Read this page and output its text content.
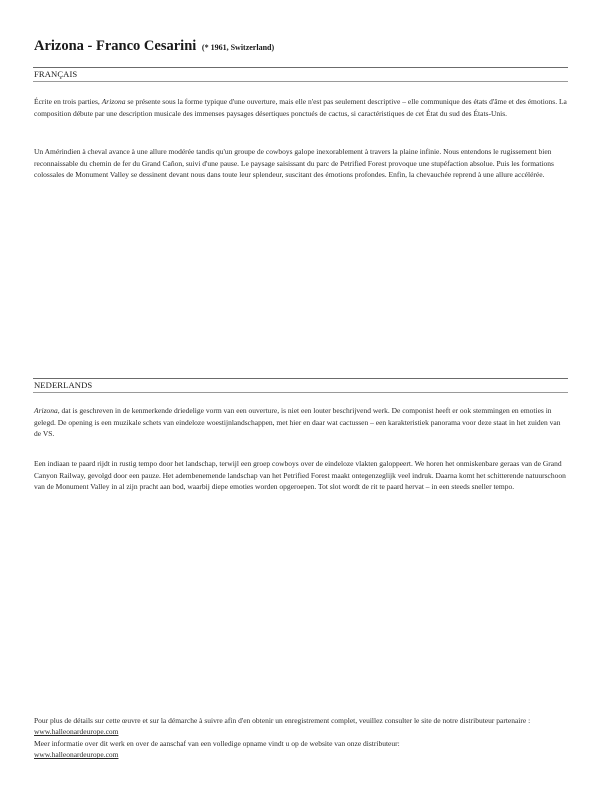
Arizona - Franco Cesarini (* 1961, Switzerland)
FRANÇAIS
Écrite en trois parties, Arizona se présente sous la forme typique d'une ouverture, mais elle n'est pas seulement descriptive – elle communique des états d'âme et des émotions. La composition débute par une description musicale des immenses paysages désertiques ponctués de cactus, si caractéristiques de cet État du sud des États-Unis.
Un Amérindien à cheval avance à une allure modérée tandis qu'un groupe de cowboys galope inexorablement à travers la plaine infinie. Nous entendons le rugissement bien reconnaissable du chemin de fer du Grand Cañon, suivi d'une pause. Le paysage saisissant du parc de Petrified Forest provoque une stupéfaction absolue. Puis les formations colossales de Monument Valley se dessinent devant nous dans toute leur splendeur, suscitant des émotions profondes. Enfin, la chevauchée reprend à une allure accélérée.
NEDERLANDS
Arizona, dat is geschreven in de kenmerkende driedelige vorm van een ouverture, is niet een louter beschrijvend werk. De componist heeft er ook stemmingen en emoties in gelegd. De opening is een muzikale schets van eindeloze woestijnlandschappen, met hier en daar wat cactussen – een karakteristiek panorama voor deze staat in het zuiden van de VS.
Een indiaan te paard rijdt in rustig tempo door het landschap, terwijl een groep cowboys over de eindeloze vlakten galoppeert. We horen het onmiskenbare geraas van de Grand Canyon Railway, gevolgd door een pauze. Het adembenemende landschap van het Petrified Forest maakt ontegenzeglijk veel indruk. Daarna komt het schitterende natuurschoon van de Monument Valley in al zijn pracht aan bod, waarbij diepe emoties worden opgeroepen. Tot slot wordt de rit te paard hervat – in een steeds sneller tempo.
Pour plus de détails sur cette œuvre et sur la démarche à suivre afin d'en obtenir un enregistrement complet, veuillez consulter le site de notre distributeur partenaire : www.halleonardeurope.com
Meer informatie over dit werk en over de aanschaf van een volledige opname vindt u op de website van onze distributeur:
www.halleonardeurope.com
